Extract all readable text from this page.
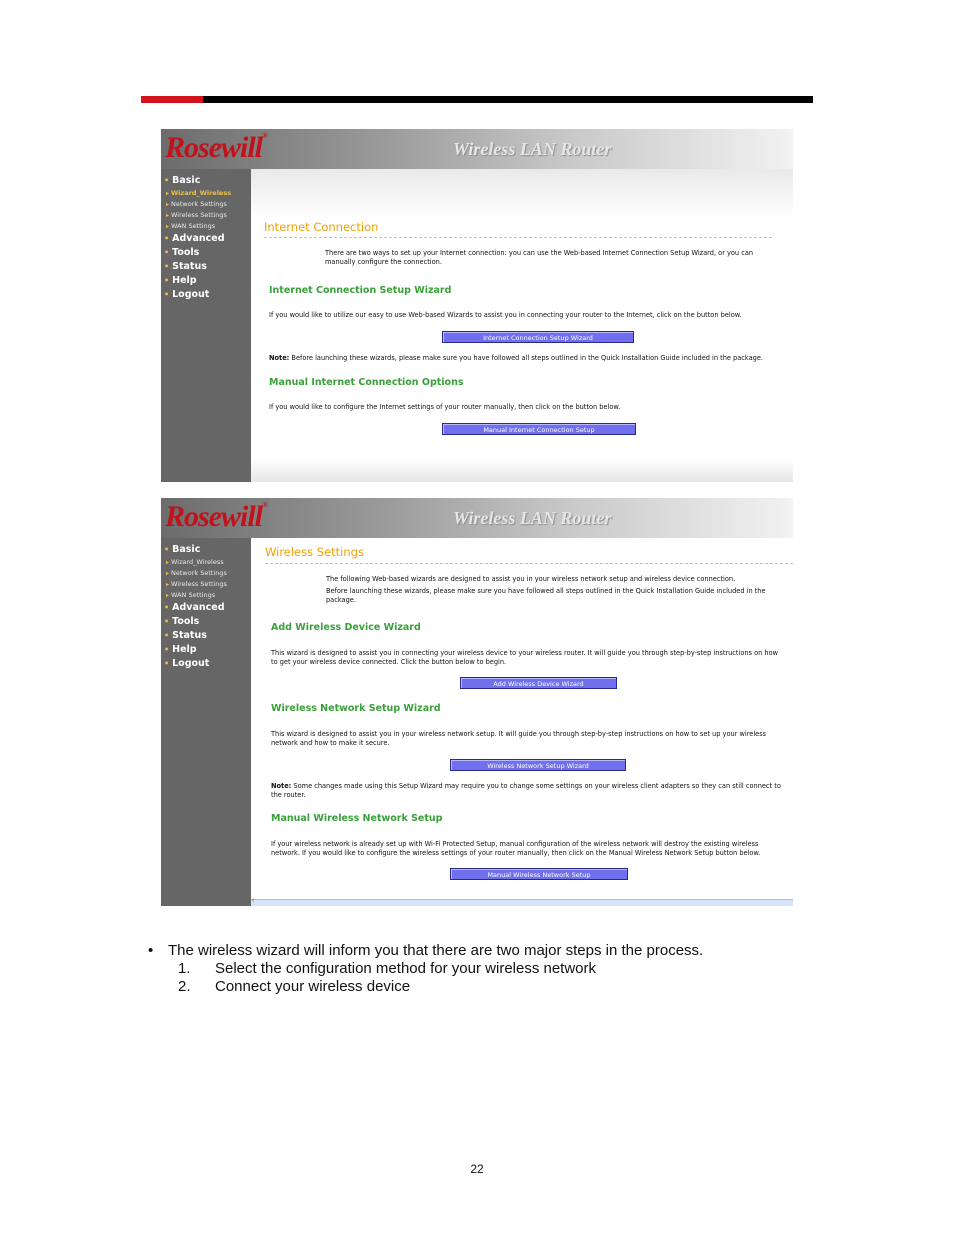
Rosewill®
Wireless LAN Router
• Basic
▸ Wizard_Wireless
▸ Network Settings
▸ Wireless Settings
▸ WAN Settings
• Advanced
• Tools
• Status
• Help
• Logout
Internet Connection
There are two ways to set up your Internet connection: you can use the Web-based Internet Connection Setup Wizard, or you can
manually configure the connection.
Internet Connection Setup Wizard
If you would like to utilize our easy to use Web-based Wizards to assist you in connecting your router to the Internet, click on the button below.
Internet Connection Setup Wizard
Note: Before launching these wizards, please make sure you have followed all steps outlined in the Quick Installation Guide included in the package.
Manual Internet Connection Options
If you would like to configure the Internet settings of your router manually, then click on the button below.
Manual Internet Connection Setup
Rosewill®
Wireless LAN Router
• Basic
▸ Wizard_Wireless
▸ Network Settings
▸ Wireless Settings
▸ WAN Settings
• Advanced
• Tools
• Status
• Help
• Logout
Wireless Settings
The following Web-based wizards are designed to assist you in your wireless network setup and wireless device connection.
Before launching these wizards, please make sure you have followed all steps outlined in the Quick Installation Guide included in the
package.
Add Wireless Device Wizard
This wizard is designed to assist you in connecting your wireless device to your wireless router. It will guide you through step-by-step instructions on how
to get your wireless device connected. Click the button below to begin.
Add Wireless Device Wizard
Wireless Network Setup Wizard
This wizard is designed to assist you in your wireless network setup. It will guide you through step-by-step instructions on how to set up your wireless
network and how to make it secure.
Wireless Network Setup Wizard
Note: Some changes made using this Setup Wizard may require you to change some settings on your wireless client adapters so they can still connect to
the router.
Manual Wireless Network Setup
If your wireless network is already set up with Wi-Fi Protected Setup, manual configuration of the wireless network will destroy the existing wireless
network. If you would like to configure the wireless settings of your router manually, then click on the Manual Wireless Network Setup button below.
Manual Wireless Network Setup
‹
• The wireless wizard will inform you that there are two major steps in the process.
1. Select the configuration method for your wireless network
2. Connect your wireless device
22
